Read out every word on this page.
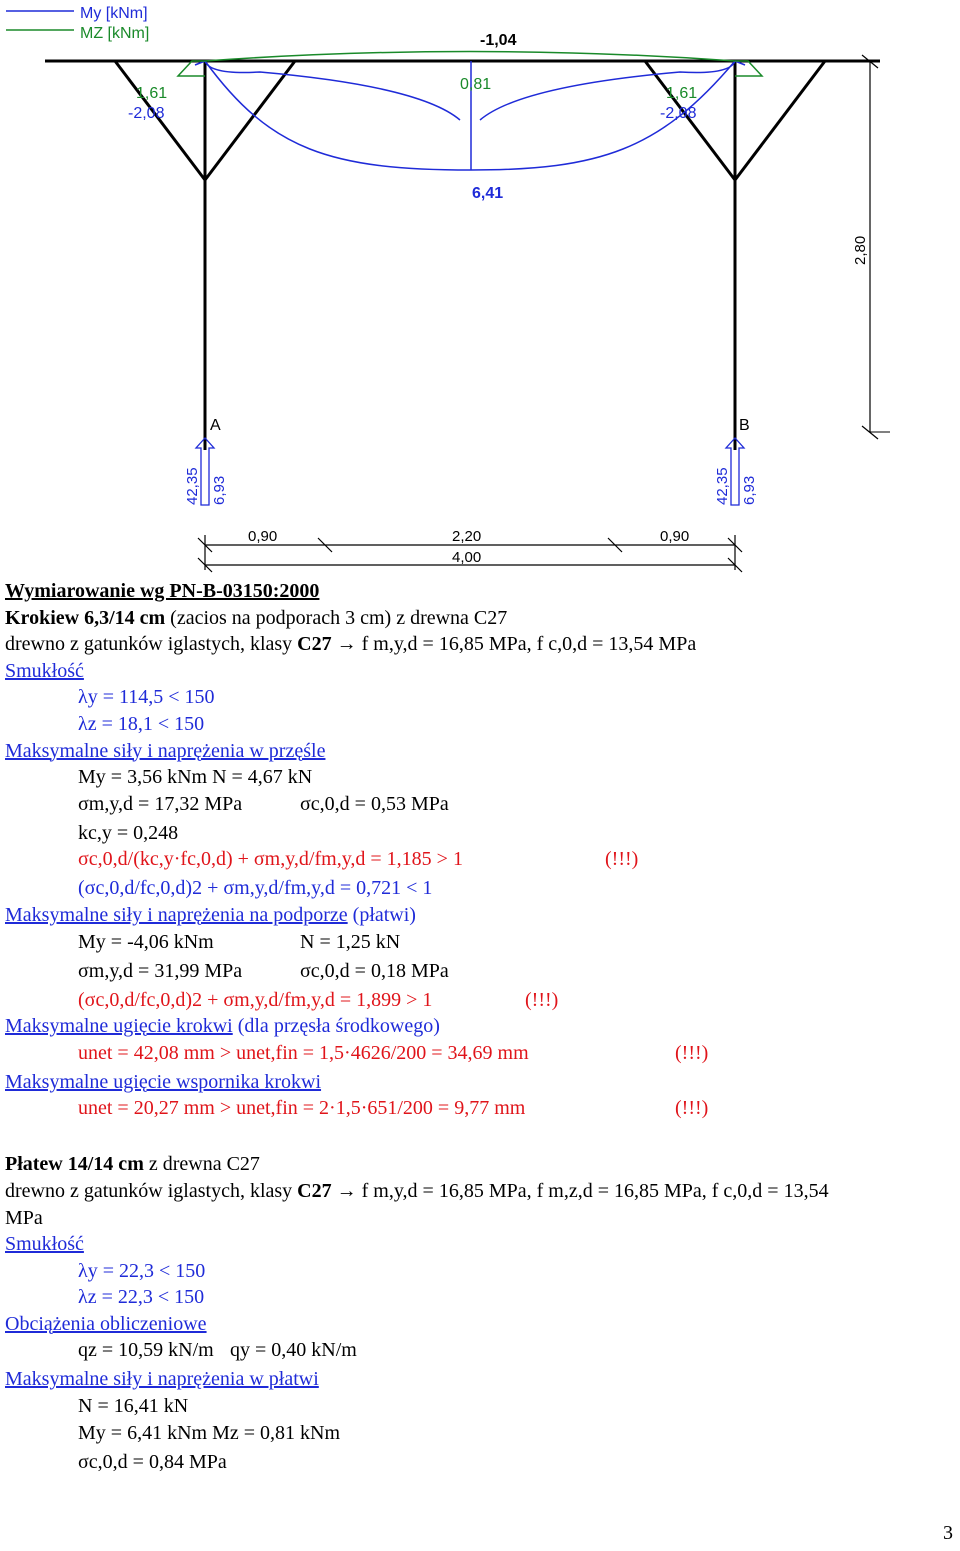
My [kNm]
MZ [kNm]	-1,04
0,81
6,41
1,61
-2,08
1,61
-2,08
2,80
A	B
42,35 6,93	42,35 6,93
0,90	2,20	0,90
4,00
Wymiarowanie wg PN-B-03150:2000
Krokiew 6,3/14 cm (zacios na podporach 3 cm) z drewna C27
drewno z gatunków iglastych, klasy C27 → f m,y,d = 16,85 MPa, f c,0,d = 13,54 MPa
Smukłość
λy = 114,5 < 150
λz = 18,1 < 150
Maksymalne siły i naprężenia w przęśle
My = 3,56 kNm N = 4,67 kN
σm,y,d = 17,32 MPa	σc,0,d = 0,53 MPa
kc,y = 0,248
σc,0,d/(kc,y·fc,0,d) + σm,y,d/fm,y,d = 1,185 > 1	(!!!)
(σc,0,d/fc,0,d)2 + σm,y,d/fm,y,d = 0,721 < 1
Maksymalne siły i naprężenia na podporze (płatwi)
My = -4,06 kNm	N = 1,25 kN
σm,y,d = 31,99 MPa	σc,0,d = 0,18 MPa
(σc,0,d/fc,0,d)2 + σm,y,d/fm,y,d = 1,899 > 1	(!!!)
Maksymalne ugięcie krokwi (dla przęsła środkowego)
unet = 42,08 mm > unet,fin = 1,5·4626/200 = 34,69 mm	(!!!)
Maksymalne ugięcie wspornika krokwi
unet = 20,27 mm > unet,fin = 2·1,5·651/200 = 9,77 mm	(!!!)
Płatew 14/14 cm z drewna C27
drewno z gatunków iglastych, klasy C27 → f m,y,d = 16,85 MPa, f m,z,d = 16,85 MPa, f c,0,d = 13,54
MPa
Smukłość
λy = 22,3 < 150
λz = 22,3 < 150
Obciążenia obliczeniowe
qz = 10,59 kN/m qy = 0,40 kN/m
Maksymalne siły i naprężenia w płatwi
N = 16,41 kN
My = 6,41 kNm Mz = 0,81 kNm
σc,0,d = 0,84 MPa
3
